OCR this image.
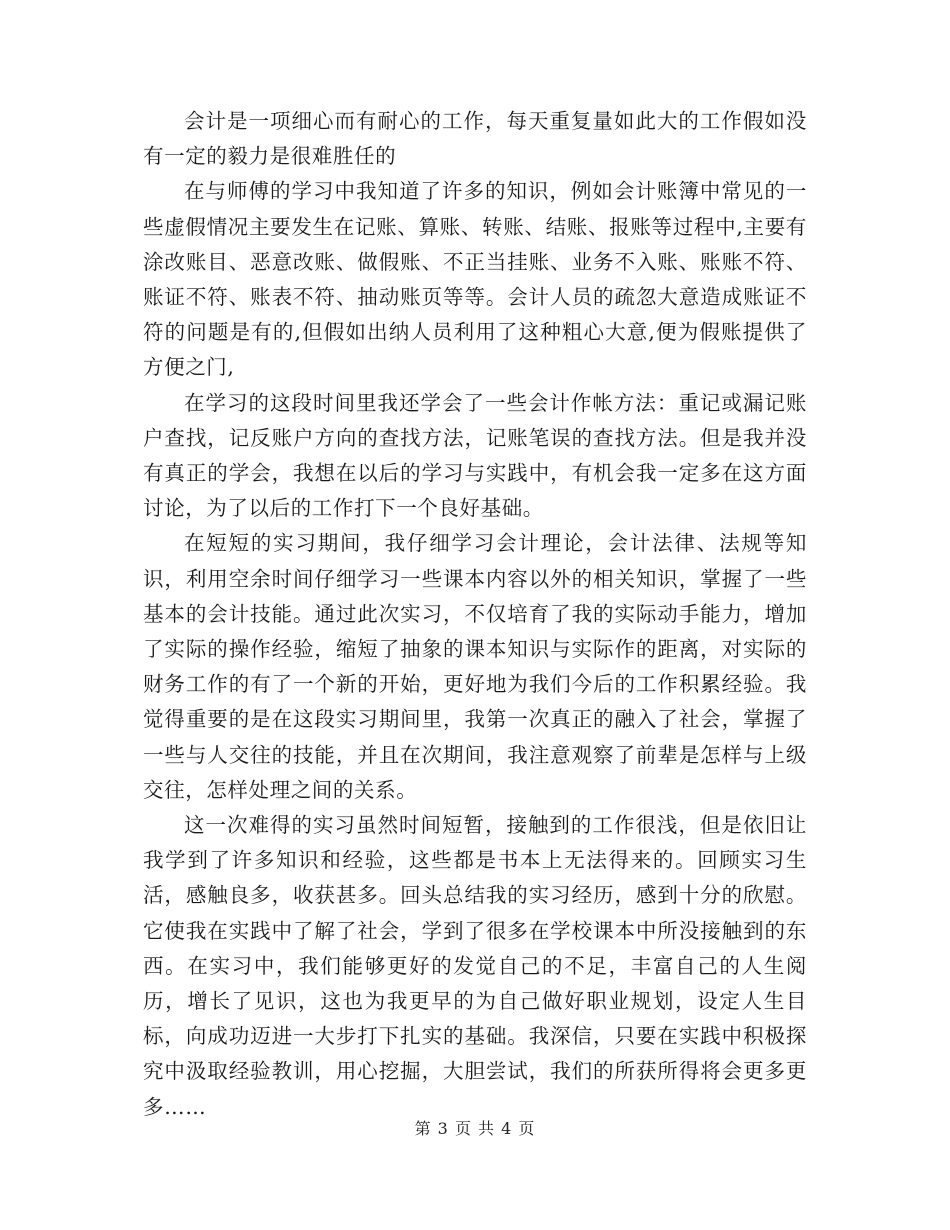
会计是一项细心而有耐心的工作，每天重复量如此大的工作假如没有一定的毅力是很难胜任的

在与师傅的学习中我知道了许多的知识，例如会计账簿中常见的一些虚假情况主要发生在记账、算账、转账、结账、报账等过程中,主要有涂改账目、恶意改账、做假账、不正当挂账、业务不入账、账账不符、账证不符、账表不符、抽动账页等等。会计人员的疏忽大意造成账证不符的问题是有的,但假如出纳人员利用了这种粗心大意,便为假账提供了方便之门,

在学习的这段时间里我还学会了一些会计作帐方法：重记或漏记账户查找，记反账户方向的查找方法，记账笔误的查找方法。但是我并没有真正的学会，我想在以后的学习与实践中，有机会我一定多在这方面讨论，为了以后的工作打下一个良好基础。

在短短的实习期间，我仔细学习会计理论，会计法律、法规等知识，利用空余时间仔细学习一些课本内容以外的相关知识，掌握了一些基本的会计技能。通过此次实习，不仅培育了我的实际动手能力，增加了实际的操作经验，缩短了抽象的课本知识与实际作的距离，对实际的财务工作的有了一个新的开始，更好地为我们今后的工作积累经验。我觉得重要的是在这段实习期间里，我第一次真正的融入了社会，掌握了一些与人交往的技能，并且在次期间，我注意观察了前辈是怎样与上级交往，怎样处理之间的关系。

这一次难得的实习虽然时间短暂，接触到的工作很浅，但是依旧让我学到了许多知识和经验，这些都是书本上无法得来的。回顾实习生活，感触良多，收获甚多。回头总结我的实习经历，感到十分的欣慰。它使我在实践中了解了社会，学到了很多在学校课本中所没接触到的东西。在实习中，我们能够更好的发觉自己的不足，丰富自己的人生阅历，增长了见识，这也为我更早的为自己做好职业规划，设定人生目标，向成功迈进一大步打下扎实的基础。我深信，只要在实践中积极探究中汲取经验教训，用心挖掘，大胆尝试，我们的所获所得将会更多更多……

第 3 页 共 4 页
